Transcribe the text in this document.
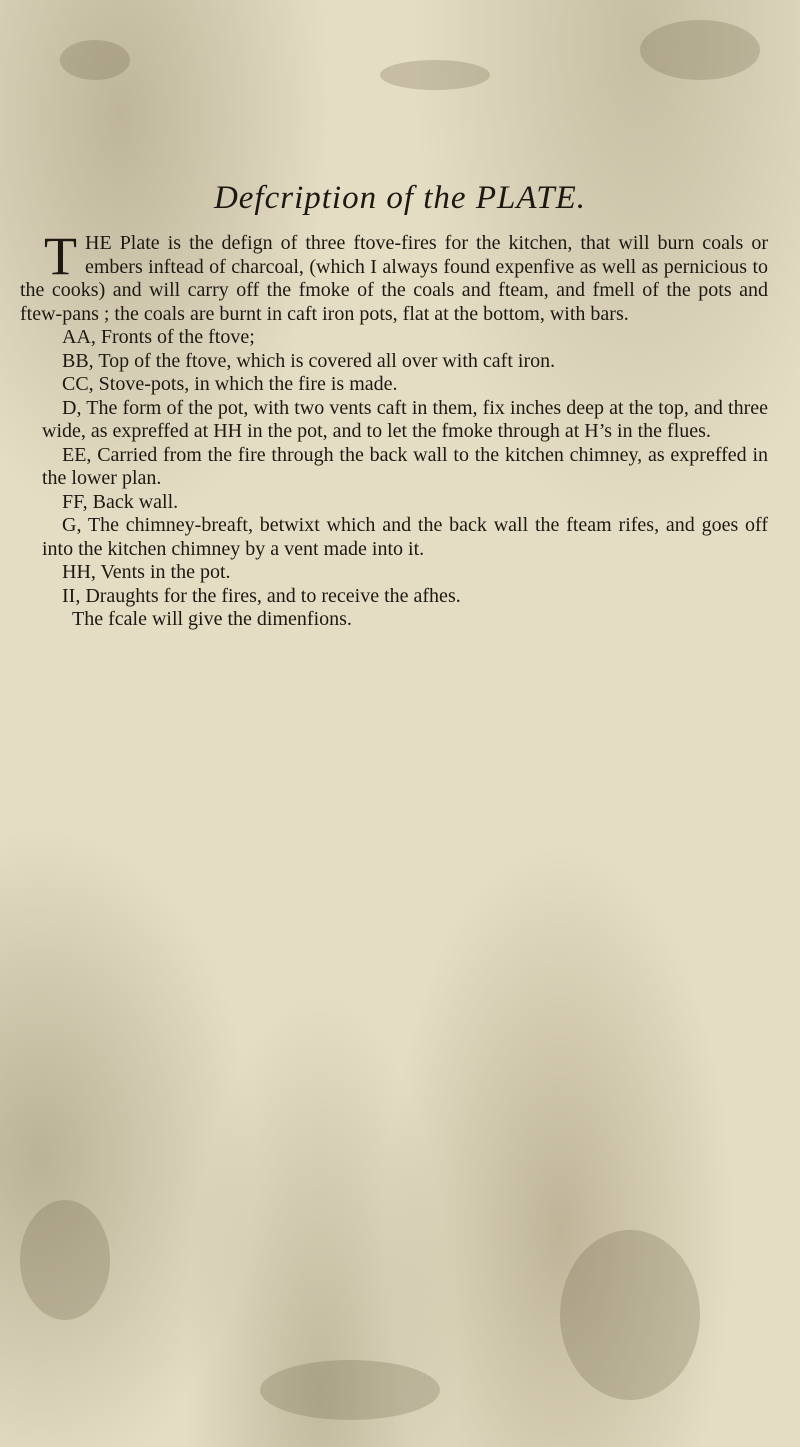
Defcription of the PLATE.

THE Plate is the defign of three ftove-fires for the kitchen, that will burn coals or embers inftead of charcoal, (which I always found expenfive as well as pernicious to the cooks) and will carry off the fmoke of the coals and fteam, and fmell of the pots and ftew-pans ; the coals are burnt in caft iron pots, flat at the bottom, with bars.

AA, Fronts of the ftove;

BB, Top of the ftove, which is covered all over with caft iron.

CC, Stove-pots, in which the fire is made.

D, The form of the pot, with two vents caft in them, fix inches deep at the top, and three wide, as expreffed at HH in the pot, and to let the fmoke through at H’s in the flues.

EE, Carried from the fire through the back wall to the kitchen chimney, as expreffed in the lower plan.

FF, Back wall.

G, The chimney-breaft, betwixt which and the back wall the fteam rifes, and goes off into the kitchen chimney by a vent made into it.

HH, Vents in the pot.

II, Draughts for the fires, and to receive the afhes.

The fcale will give the dimenfions.
